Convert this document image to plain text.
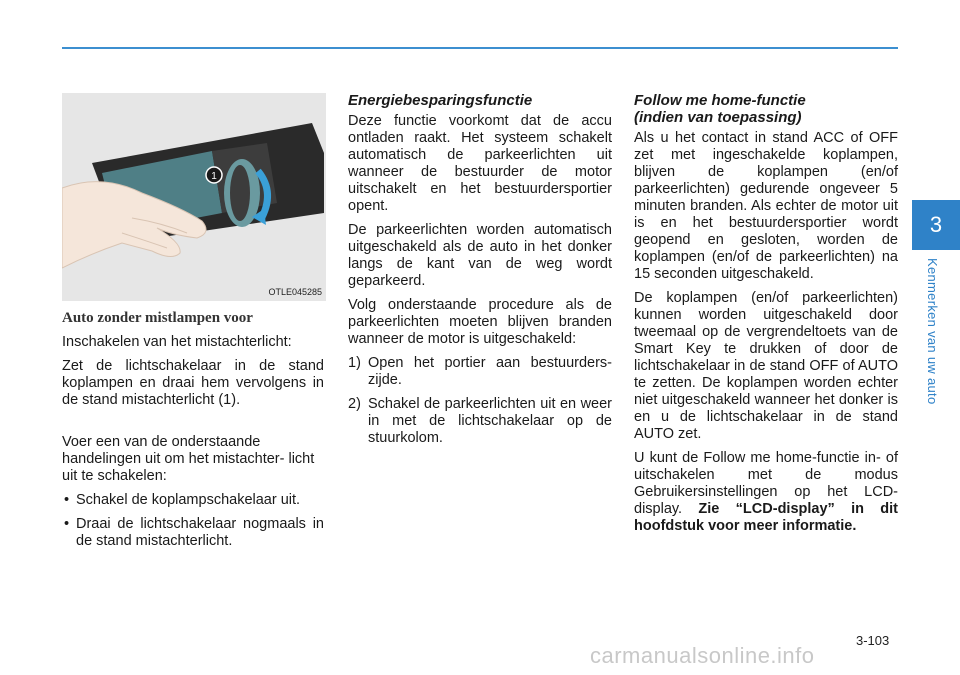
3
Kenmerken van uw auto
1
OTLE045285

Auto zonder mistlampen voor

Inschakelen van het mistachterlicht:

Zet de lichtschakelaar in de stand koplampen en draai hem vervolgens in de stand mistachterlicht (1).

Voer een van de onderstaande handelingen uit om het mistachter- licht uit te schakelen:

• Schakel de koplampschakelaar uit.

• Draai de lichtschakelaar nogmaals in de stand mistachterlicht.

Energiebesparingsfunctie

Deze functie voorkomt dat de accu ontladen raakt. Het systeem schakelt automatisch de parkeerlichten uit wanneer de bestuurder de motor uitschakelt en het bestuurdersportier opent.

De parkeerlichten worden automatisch uitgeschakeld als de auto in het donker langs de kant van de weg wordt geparkeerd.

Volg onderstaande procedure als de parkeerlichten moeten blijven branden wanneer de motor is uitgeschakeld:

1) Open het portier aan bestuurders- zijde.

2) Schakel de parkeerlichten uit en weer in met de lichtschakelaar op de stuurkolom.

Follow me home-functie
(indien van toepassing)

Als u het contact in stand ACC of OFF zet met ingeschakelde koplampen, blijven de koplampen (en/of parkeerlichten) gedurende ongeveer 5 minuten branden. Als echter de motor uit is en het bestuurdersportier wordt geopend en gesloten, worden de koplampen (en/of de parkeerlichten) na 15 seconden uitgeschakeld.

De koplampen (en/of parkeerlichten) kunnen worden uitgeschakeld door tweemaal op de vergrendeltoets van de Smart Key te drukken of door de lichtschakelaar in de stand OFF of AUTO te zetten. De koplampen worden echter niet uitgeschakeld wanneer het donker is en u de lichtschakelaar in de stand AUTO zet.

U kunt de Follow me home-functie in- of uitschakelen met de modus Gebruikersinstellingen op het LCD- display. Zie “LCD-display” in dit hoofdstuk voor meer informatie.

3-103
carmanualsonline.info
